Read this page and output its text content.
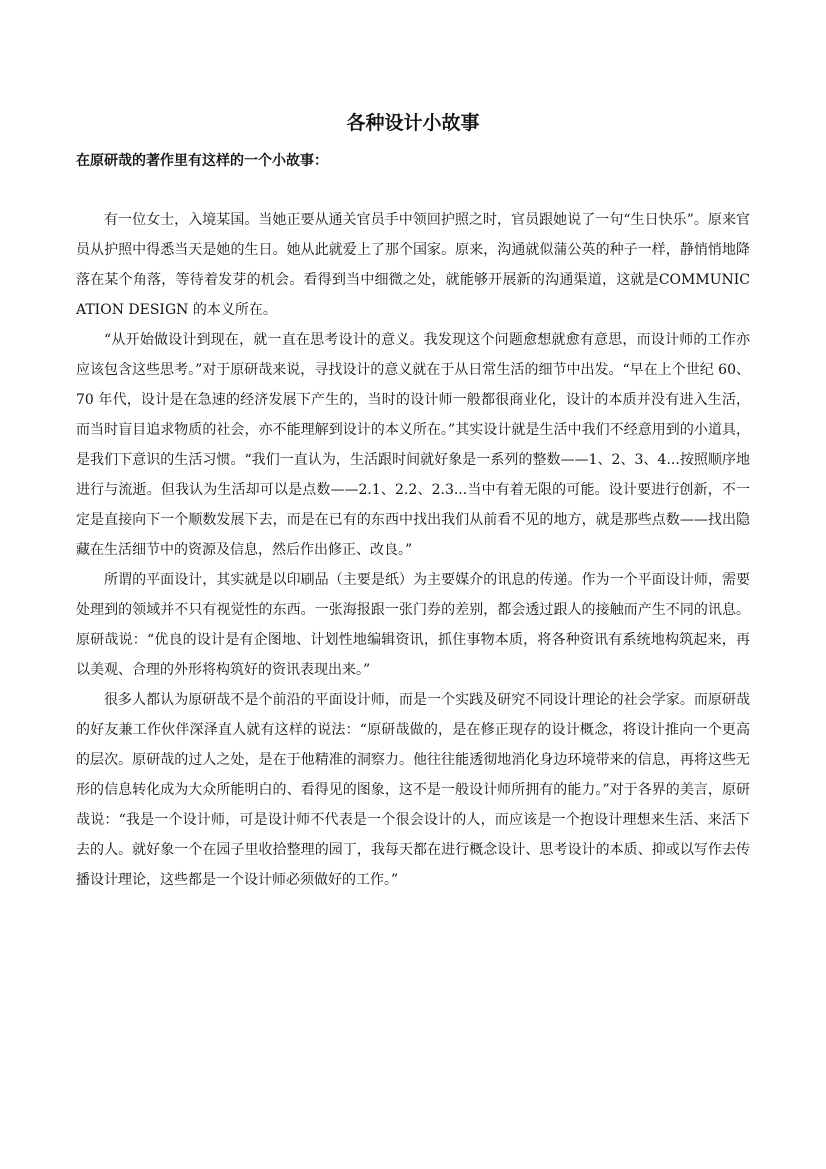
各种设计小故事

在原研哉的著作里有这样的一个小故事：

有一位女士，入境某国。当她正要从通关官员手中领回护照之时，官员跟她说了一句“生日快乐”。原来官员从护照中得悉当天是她的生日。她从此就爱上了那个国家。原来，沟通就似蒲公英的种子一样，静悄悄地降落在某个角落，等待着发芽的机会。看得到当中细微之处，就能够开展新的沟通渠道，这就是COMMUNICATION DESIGN 的本义所在。

“从开始做设计到现在，就一直在思考设计的意义。我发现这个问题愈想就愈有意思，而设计师的工作亦应该包含这些思考。”对于原研哉来说，寻找设计的意义就在于从日常生活的细节中出发。“早在上个世纪 60、70 年代，设计是在急速的经济发展下产生的，当时的设计师一般都很商业化，设计的本质并没有进入生活，而当时盲目追求物质的社会，亦不能理解到设计的本义所在。”其实设计就是生活中我们不经意用到的小道具，是我们下意识的生活习惯。“我们一直认为，生活跟时间就好象是一系列的整数——1、2、3、4...按照顺序地进行与流逝。但我认为生活却可以是点数——2.1、2.2、2.3...当中有着无限的可能。设计要进行创新，不一定是直接向下一个顺数发展下去，而是在已有的东西中找出我们从前看不见的地方，就是那些点数——找出隐藏在生活细节中的资源及信息，然后作出修正、改良。”

所谓的平面设计，其实就是以印刷品（主要是纸）为主要媒介的讯息的传递。作为一个平面设计师，需要处理到的领域并不只有视觉性的东西。一张海报跟一张门券的差别，都会透过跟人的接触而产生不同的讯息。原研哉说：“优良的设计是有企图地、计划性地编辑资讯，抓住事物本质，将各种资讯有系统地构筑起来，再以美观、合理的外形将构筑好的资讯表现出来。”

很多人都认为原研哉不是个前沿的平面设计师，而是一个实践及研究不同设计理论的社会学家。而原研哉的好友兼工作伙伴深泽直人就有这样的说法：“原研哉做的，是在修正现存的设计概念，将设计推向一个更高的层次。原研哉的过人之处，是在于他精准的洞察力。他往往能透彻地消化身边环境带来的信息，再将这些无形的信息转化成为大众所能明白的、看得见的图象，这不是一般设计师所拥有的能力。”对于各界的美言，原研哉说：“我是一个设计师，可是设计师不代表是一个很会设计的人，而应该是一个抱设计理想来生活、来活下去的人。就好象一个在园子里收拾整理的园丁，我每天都在进行概念设计、思考设计的本质、抑或以写作去传播设计理论，这些都是一个设计师必须做好的工作。”
